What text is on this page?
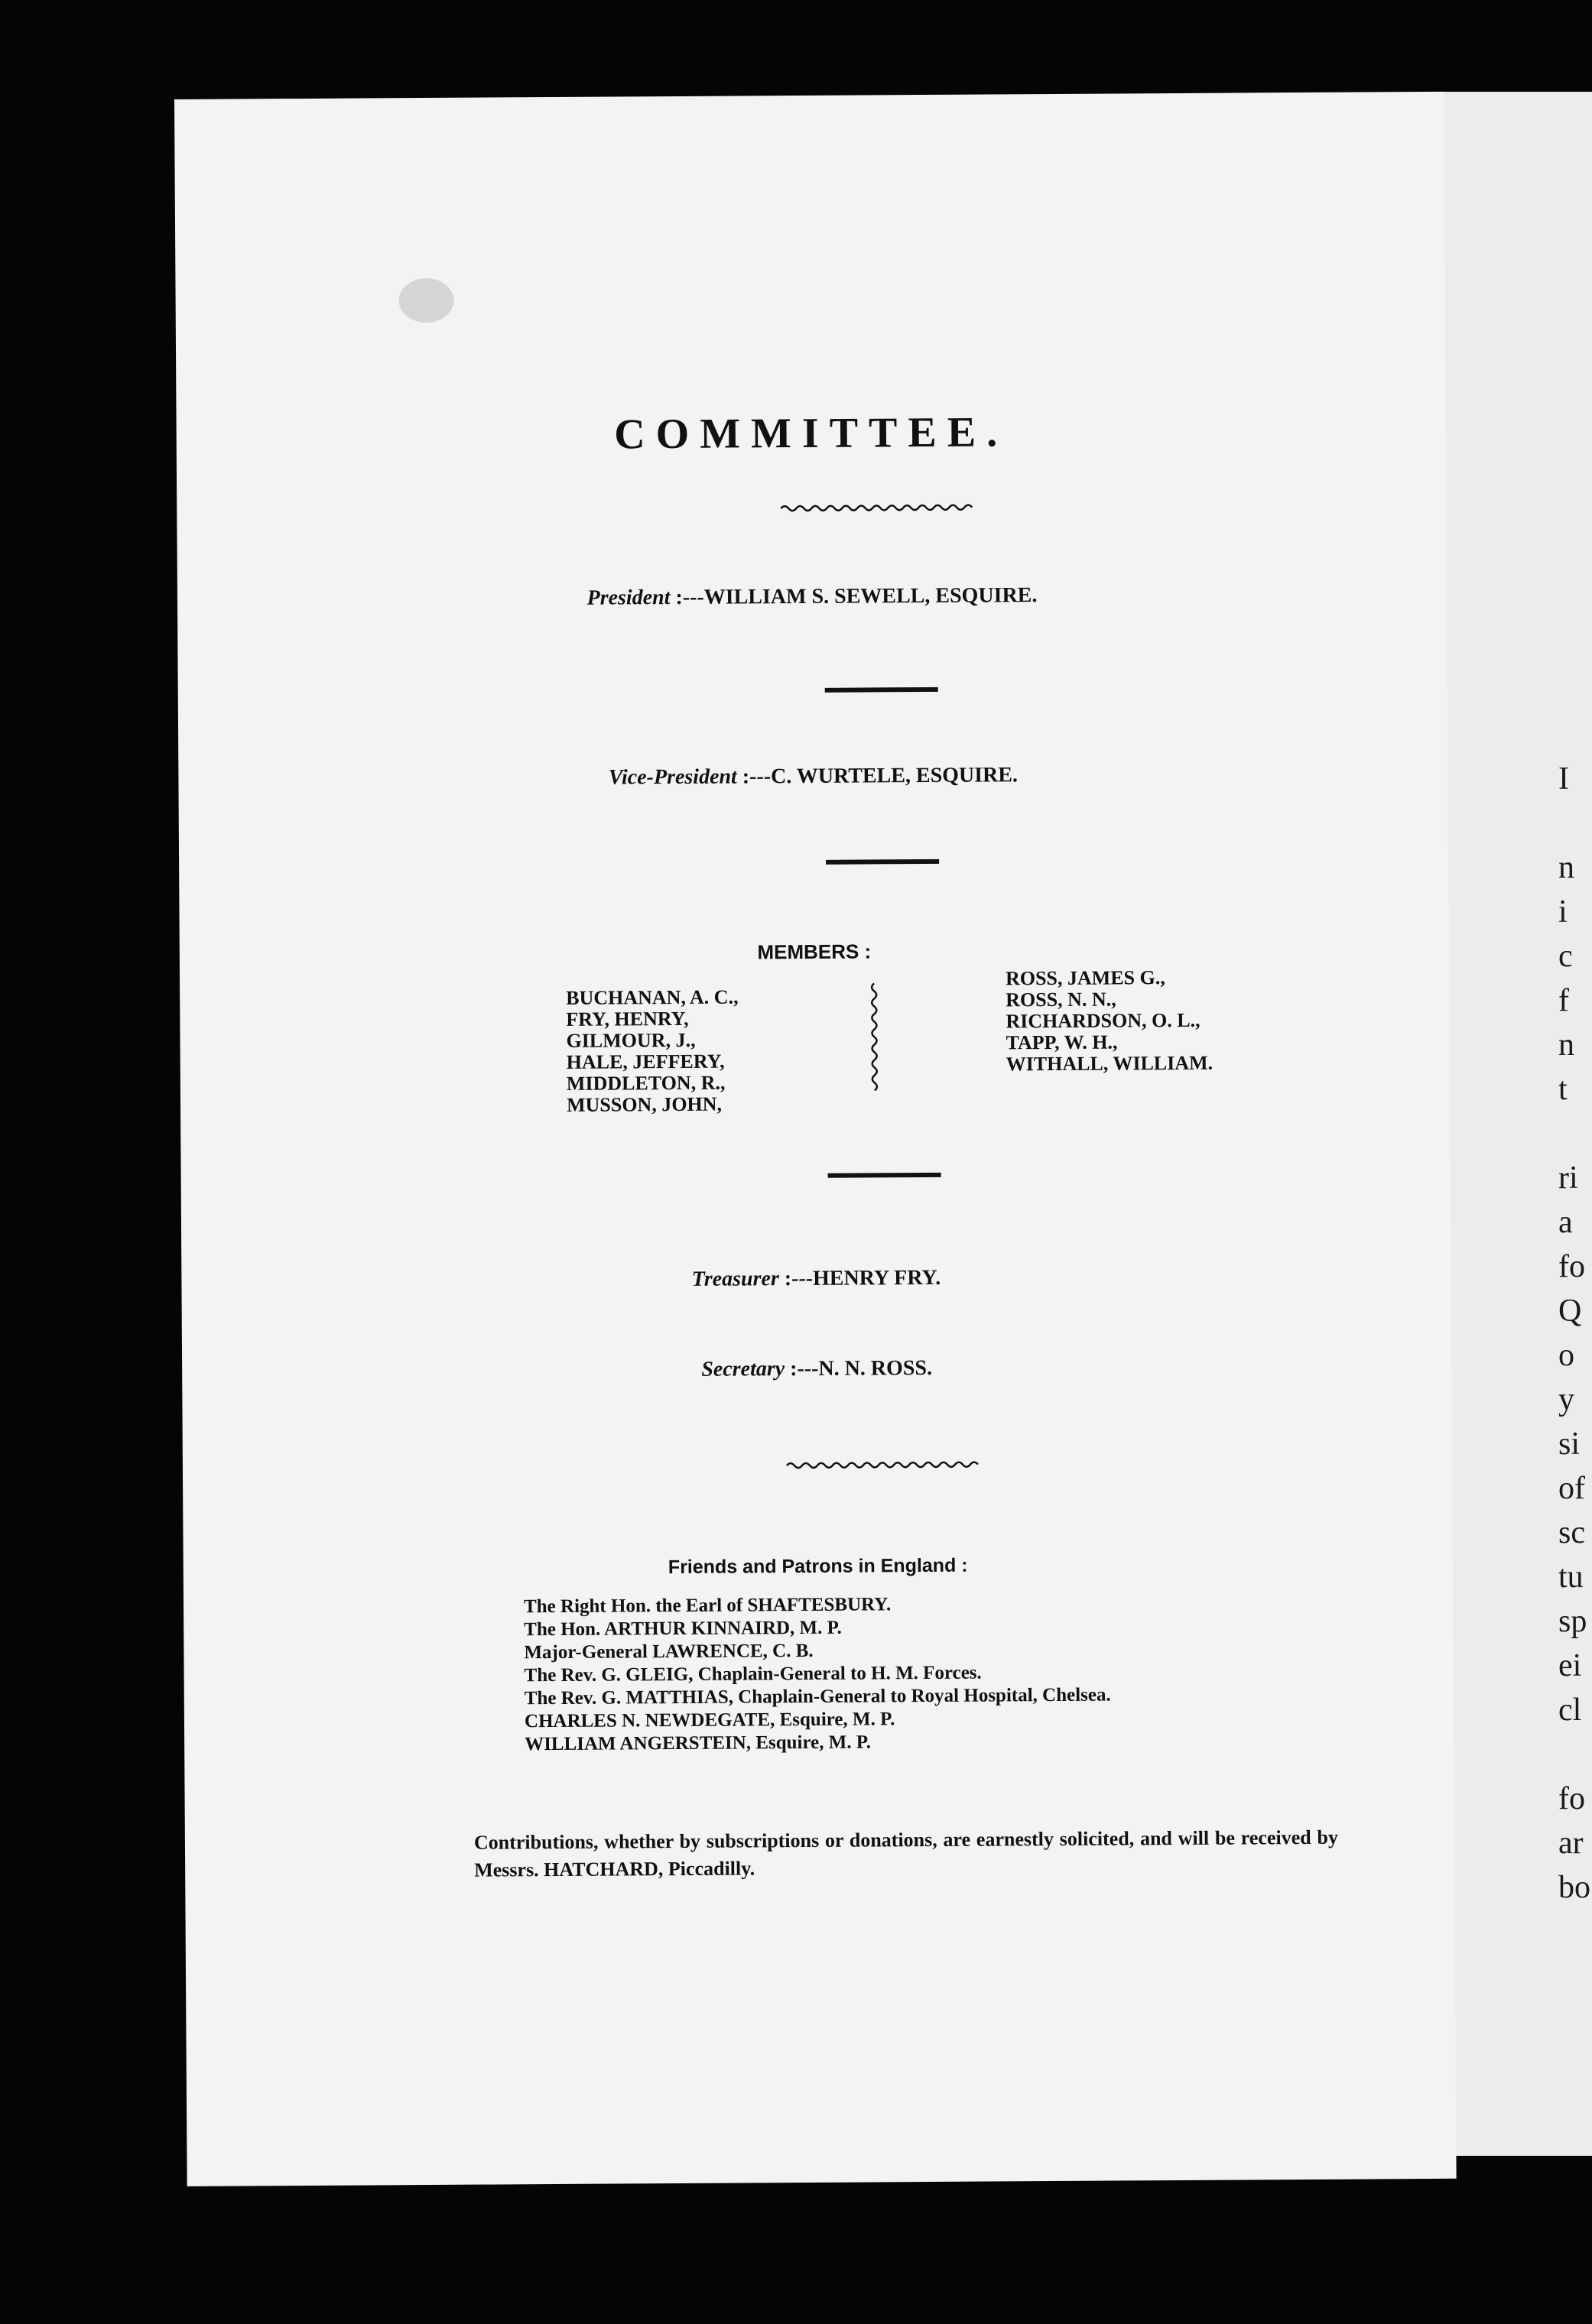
I

n
i
c
f
n
t

ri
a
fo
Q
o
y
si
of
sc
tu
sp
ei
cl

fo
ar
bo

COMMITTEE.
President :---WILLIAM S. SEWELL, ESQUIRE.
Vice-President :---C. WURTELE, ESQUIRE.
MEMBERS :
BUCHANAN, A. C.,
FRY, HENRY,
GILMOUR, J.,
HALE, JEFFERY,
MIDDLETON, R.,
MUSSON, JOHN,
ROSS, JAMES G.,
ROSS, N. N.,
RICHARDSON, O. L.,
TAPP, W. H.,
WITHALL, WILLIAM.
Treasurer :---HENRY FRY.
Secretary :---N. N. ROSS.
Friends and Patrons in England :
The Right Hon. the Earl of SHAFTESBURY.
The Hon. ARTHUR KINNAIRD, M. P.
Major-General LAWRENCE, C. B.
The Rev. G. GLEIG, Chaplain-General to H. M. Forces.
The Rev. G. MATTHIAS, Chaplain-General to Royal Hospital, Chelsea.
CHARLES N. NEWDEGATE, Esquire, M. P.
WILLIAM ANGERSTEIN, Esquire, M. P.
Contributions, whether by subscriptions or donations, are earnestly solicited, and will be received by Messrs. HATCHARD, Piccadilly.
